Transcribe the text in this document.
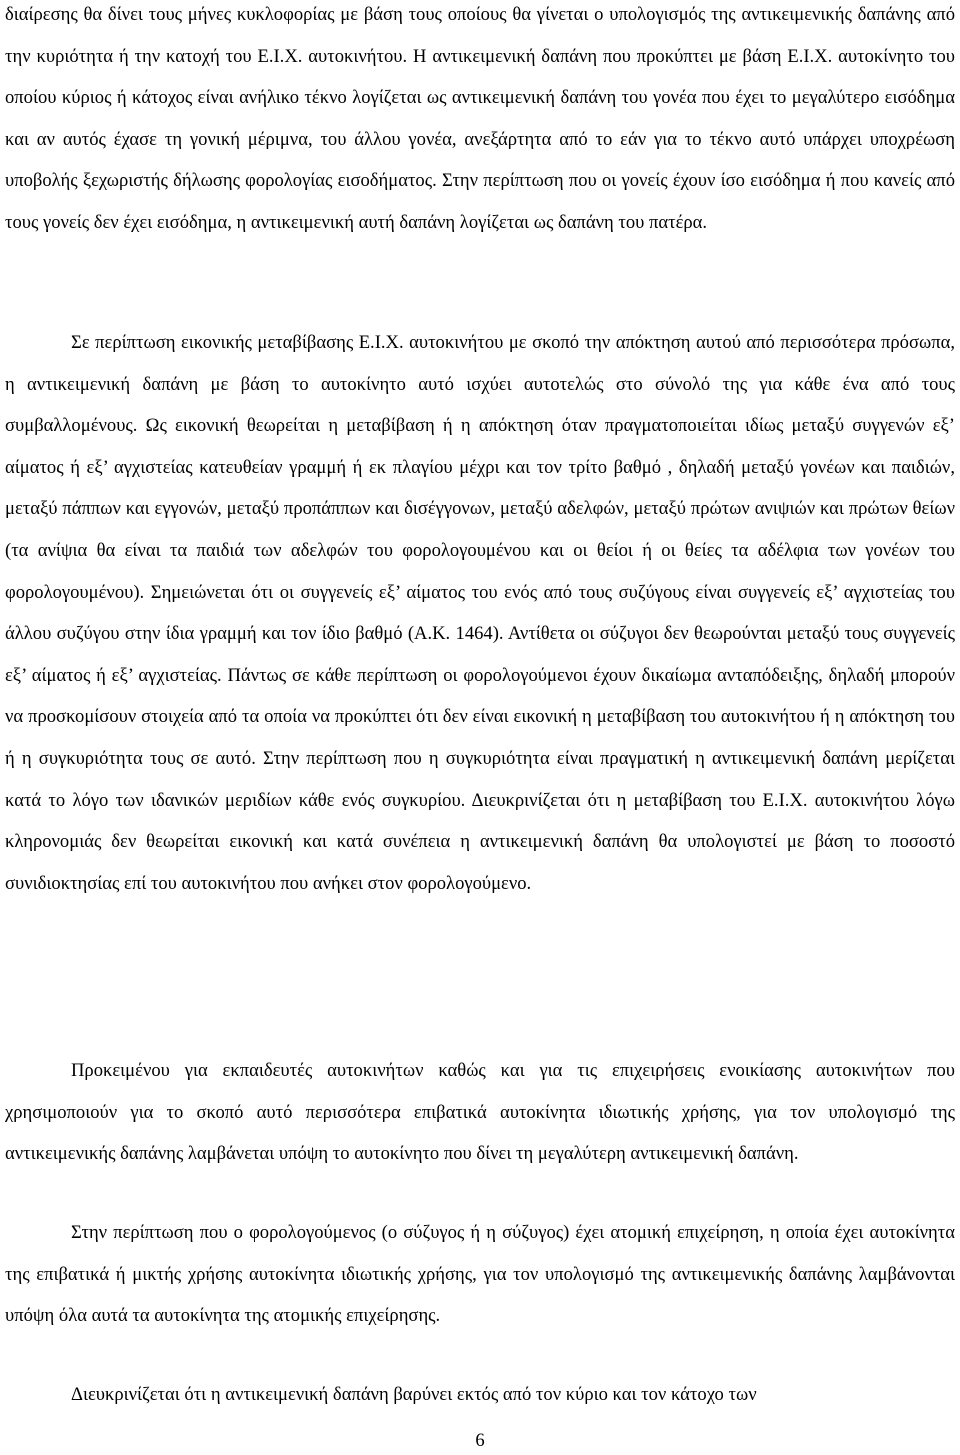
διαίρεσης θα δίνει τους μήνες κυκλοφορίας με βάση τους οποίους θα γίνεται ο υπολογισμός της αντικειμενικής δαπάνης από την κυριότητα ή την κατοχή του Ε.Ι.Χ. αυτοκινήτου. Η αντικειμενική δαπάνη που προκύπτει με βάση Ε.Ι.Χ. αυτοκίνητο του οποίου κύριος ή κάτοχος είναι ανήλικο τέκνο λογίζεται ως αντικειμενική δαπάνη του γονέα που έχει το μεγαλύτερο εισόδημα και αν αυτός έχασε τη γονική μέριμνα, του άλλου γονέα, ανεξάρτητα από το εάν για το τέκνο αυτό υπάρχει υποχρέωση υποβολής ξεχωριστής δήλωσης φορολογίας εισοδήματος. Στην περίπτωση που οι γονείς έχουν ίσο εισόδημα ή που κανείς από τους γονείς δεν έχει εισόδημα, η αντικειμενική αυτή δαπάνη λογίζεται ως δαπάνη του πατέρα.

Σε περίπτωση εικονικής μεταβίβασης Ε.Ι.Χ. αυτοκινήτου με σκοπό την απόκτηση αυτού από περισσότερα πρόσωπα, η αντικειμενική δαπάνη με βάση το αυτοκίνητο αυτό ισχύει αυτοτελώς στο σύνολό της για κάθε ένα από τους συμβαλλομένους. Ως εικονική θεωρείται η μεταβίβαση ή η απόκτηση όταν πραγματοποιείται ιδίως μεταξύ συγγενών εξ’ αίματος ή εξ’ αγχιστείας κατευθείαν γραμμή ή εκ πλαγίου μέχρι και τον τρίτο βαθμό , δηλαδή μεταξύ γονέων και παιδιών, μεταξύ πάππων και εγγονών, μεταξύ προπάππων και δισέγγονων, μεταξύ αδελφών, μεταξύ πρώτων ανιψιών και πρώτων θείων (τα ανίψια θα είναι τα παιδιά των αδελφών του φορολογουμένου και οι θείοι ή οι θείες τα αδέλφια των γονέων του φορολογουμένου). Σημειώνεται ότι οι συγγενείς εξ’ αίματος του ενός από τους συζύγους είναι συγγενείς εξ’ αγχιστείας του άλλου συζύγου στην ίδια γραμμή και τον ίδιο βαθμό (Α.Κ. 1464). Αντίθετα οι σύζυγοι δεν θεωρούνται μεταξύ τους συγγενείς εξ’ αίματος ή εξ’ αγχιστείας. Πάντως σε κάθε περίπτωση οι φορολογούμενοι έχουν δικαίωμα ανταπόδειξης, δηλαδή μπορούν να προσκομίσουν στοιχεία από τα οποία να προκύπτει ότι δεν είναι εικονική η μεταβίβαση του αυτοκινήτου ή η απόκτηση του ή η συγκυριότητα τους σε αυτό. Στην περίπτωση που η συγκυριότητα είναι πραγματική η αντικειμενική δαπάνη μερίζεται κατά το λόγο των ιδανικών μεριδίων κάθε ενός συγκυρίου. Διευκρινίζεται ότι η μεταβίβαση του Ε.Ι.Χ. αυτοκινήτου λόγω κληρονομιάς δεν θεωρείται εικονική και κατά συνέπεια η αντικειμενική δαπάνη θα υπολογιστεί με βάση το ποσοστό συνιδιοκτησίας επί του αυτοκινήτου που ανήκει στον φορολογούμενο.

Προκειμένου για εκπαιδευτές αυτοκινήτων καθώς και για τις επιχειρήσεις ενοικίασης αυτοκινήτων που χρησιμοποιούν για το σκοπό αυτό περισσότερα επιβατικά αυτοκίνητα ιδιωτικής χρήσης, για τον υπολογισμό της αντικειμενικής δαπάνης λαμβάνεται υπόψη το αυτοκίνητο που δίνει τη μεγαλύτερη αντικειμενική δαπάνη.

Στην περίπτωση που ο φορολογούμενος (ο σύζυγος ή η σύζυγος) έχει ατομική επιχείρηση, η οποία έχει αυτοκίνητα της επιβατικά ή μικτής χρήσης αυτοκίνητα ιδιωτικής χρήσης, για τον υπολογισμό της αντικειμενικής δαπάνης λαμβάνονται υπόψη όλα αυτά τα αυτοκίνητα της ατομικής επιχείρησης.

Διευκρινίζεται ότι η αντικειμενική δαπάνη βαρύνει εκτός από τον κύριο και τον κάτοχο των

6
